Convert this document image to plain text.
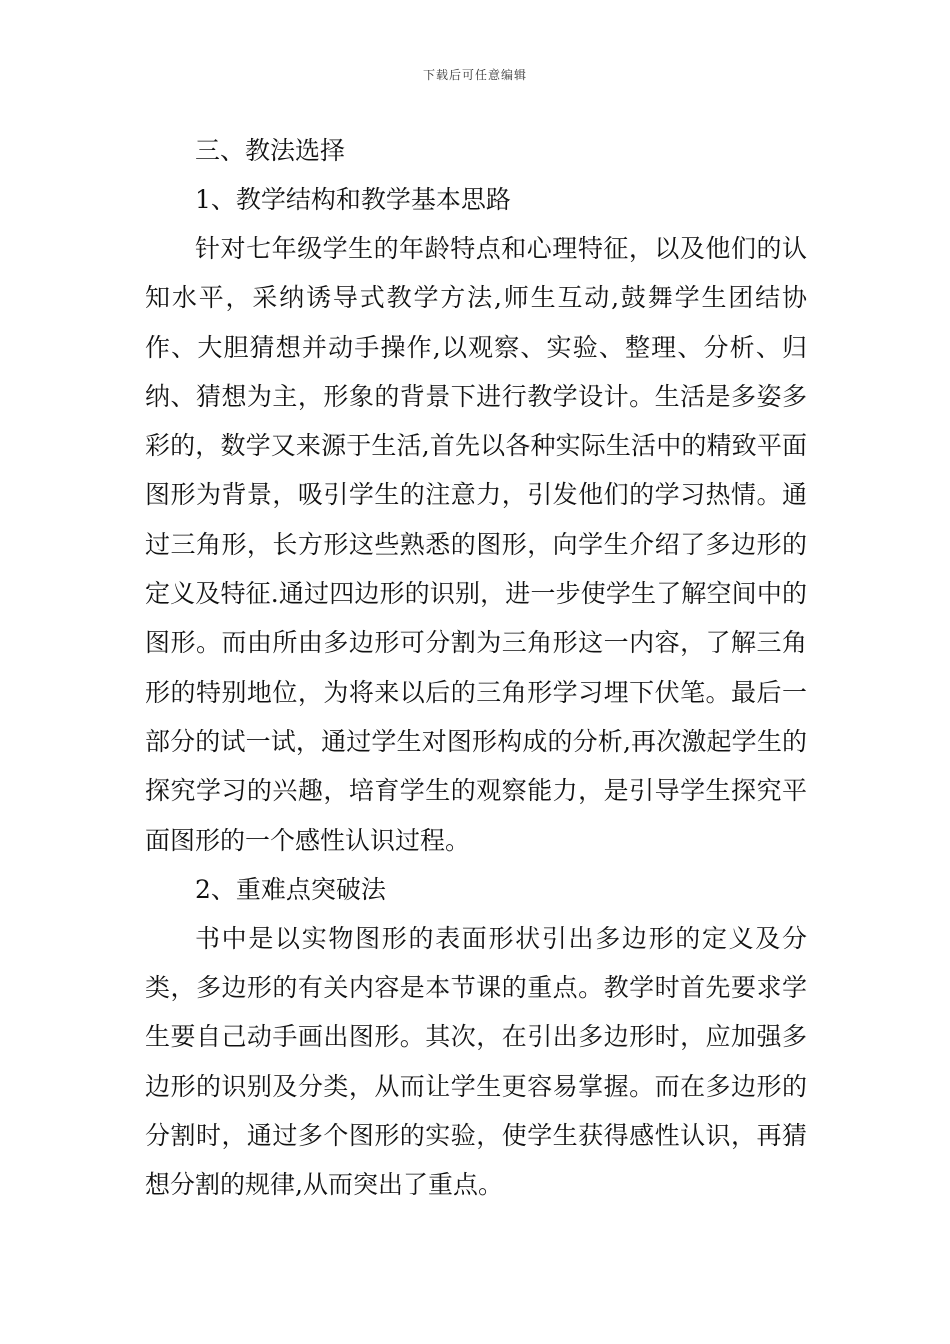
下载后可任意编辑

三、教法选择

1、教学结构和教学基本思路

针对七年级学生的年龄特点和心理特征，以及他们的认知水平，采纳诱导式教学方法,师生互动,鼓舞学生团结协作、大胆猜想并动手操作,以观察、实验、整理、分析、归纳、猜想为主，形象的背景下进行教学设计。生活是多姿多彩的，数学又来源于生活,首先以各种实际生活中的精致平面图形为背景，吸引学生的注意力，引发他们的学习热情。通过三角形，长方形这些熟悉的图形，向学生介绍了多边形的定义及特征.通过四边形的识别，进一步使学生了解空间中的图形。而由所由多边形可分割为三角形这一内容，了解三角形的特别地位，为将来以后的三角形学习埋下伏笔。最后一部分的试一试，通过学生对图形构成的分析,再次激起学生的探究学习的兴趣，培育学生的观察能力，是引导学生探究平面图形的一个感性认识过程。

2、重难点突破法

书中是以实物图形的表面形状引出多边形的定义及分类，多边形的有关内容是本节课的重点。教学时首先要求学生要自己动手画出图形。其次，在引出多边形时，应加强多边形的识别及分类，从而让学生更容易掌握。而在多边形的分割时，通过多个图形的实验，使学生获得感性认识，再猜想分割的规律,从而突出了重点。
